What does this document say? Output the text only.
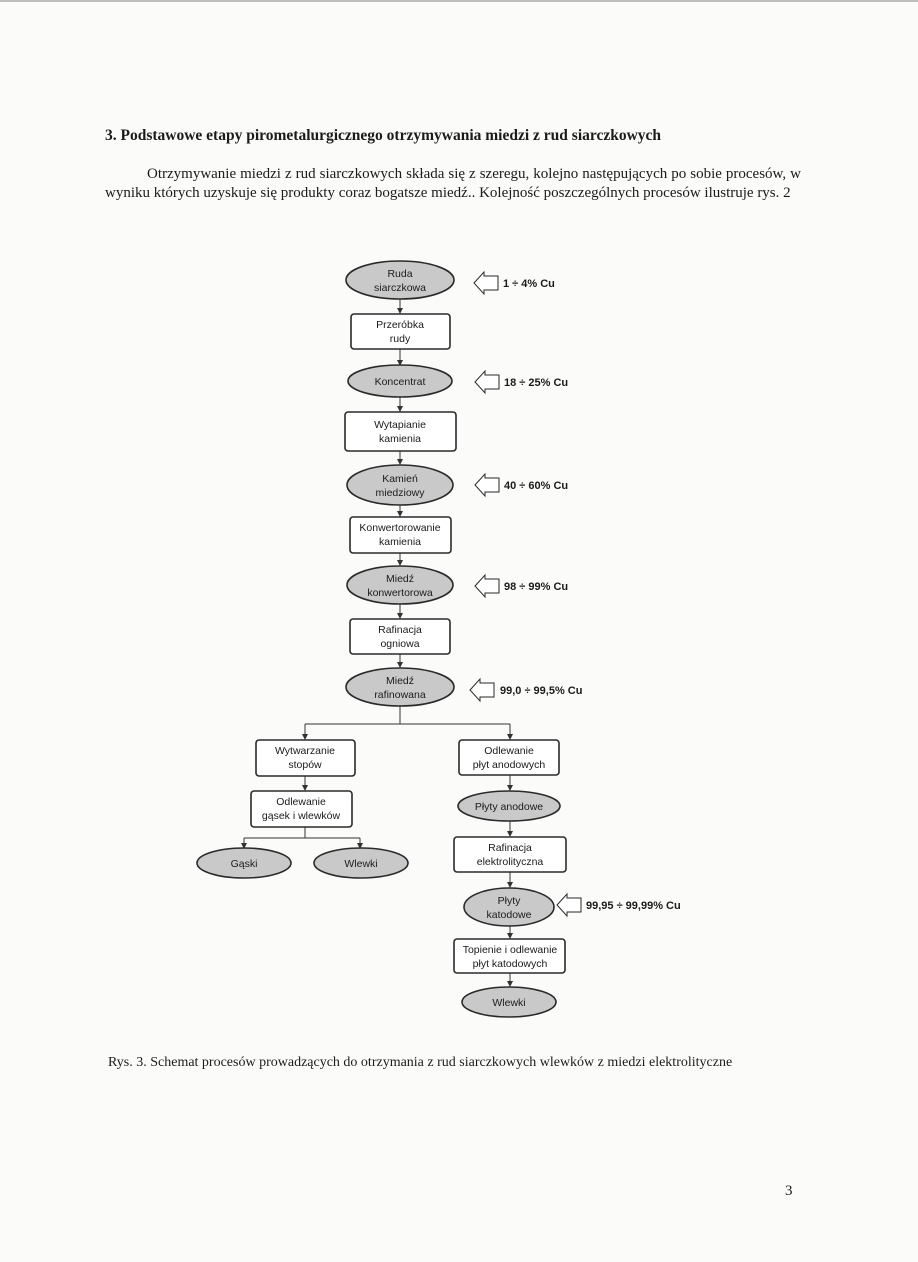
3. Podstawowe etapy pirometalurgicznego otrzymywania miedzi z rud siarczkowych
Otrzymywanie miedzi z rud siarczkowych składa się z szeregu, kolejno następujących po sobie procesów, w wyniku których uzyskuje się produkty coraz bogatsze miedź.. Kolejność poszczególnych procesów ilustruje rys. 2
Ruda
siarczkowa
Przeróbka
rudy
Koncentrat
Wytapianie
kamienia
Kamień
miedziowy
Konwertorowanie
kamienia
Miedź
konwertorowa
Rafinacja
ogniowa
Miedź
rafinowana
Wytwarzanie
stopów
Odlewanie
gąsek i wlewków
Gąski	Wlewki
Odlewanie
płyt anodowych
Płyty anodowe
Rafinacja
elektrolityczna
Płyty
katodowe
Topienie i odlewanie
płyt katodowych
Wlewki
1 ÷ 4% Cu
18 ÷ 25% Cu
40 ÷ 60% Cu
98 ÷ 99% Cu
99,0 ÷ 99,5% Cu
99,95 ÷ 99,99% Cu
Rys. 3. Schemat procesów prowadzących do otrzymania z rud siarczkowych wlewków z miedzi elektrolityczne
3
